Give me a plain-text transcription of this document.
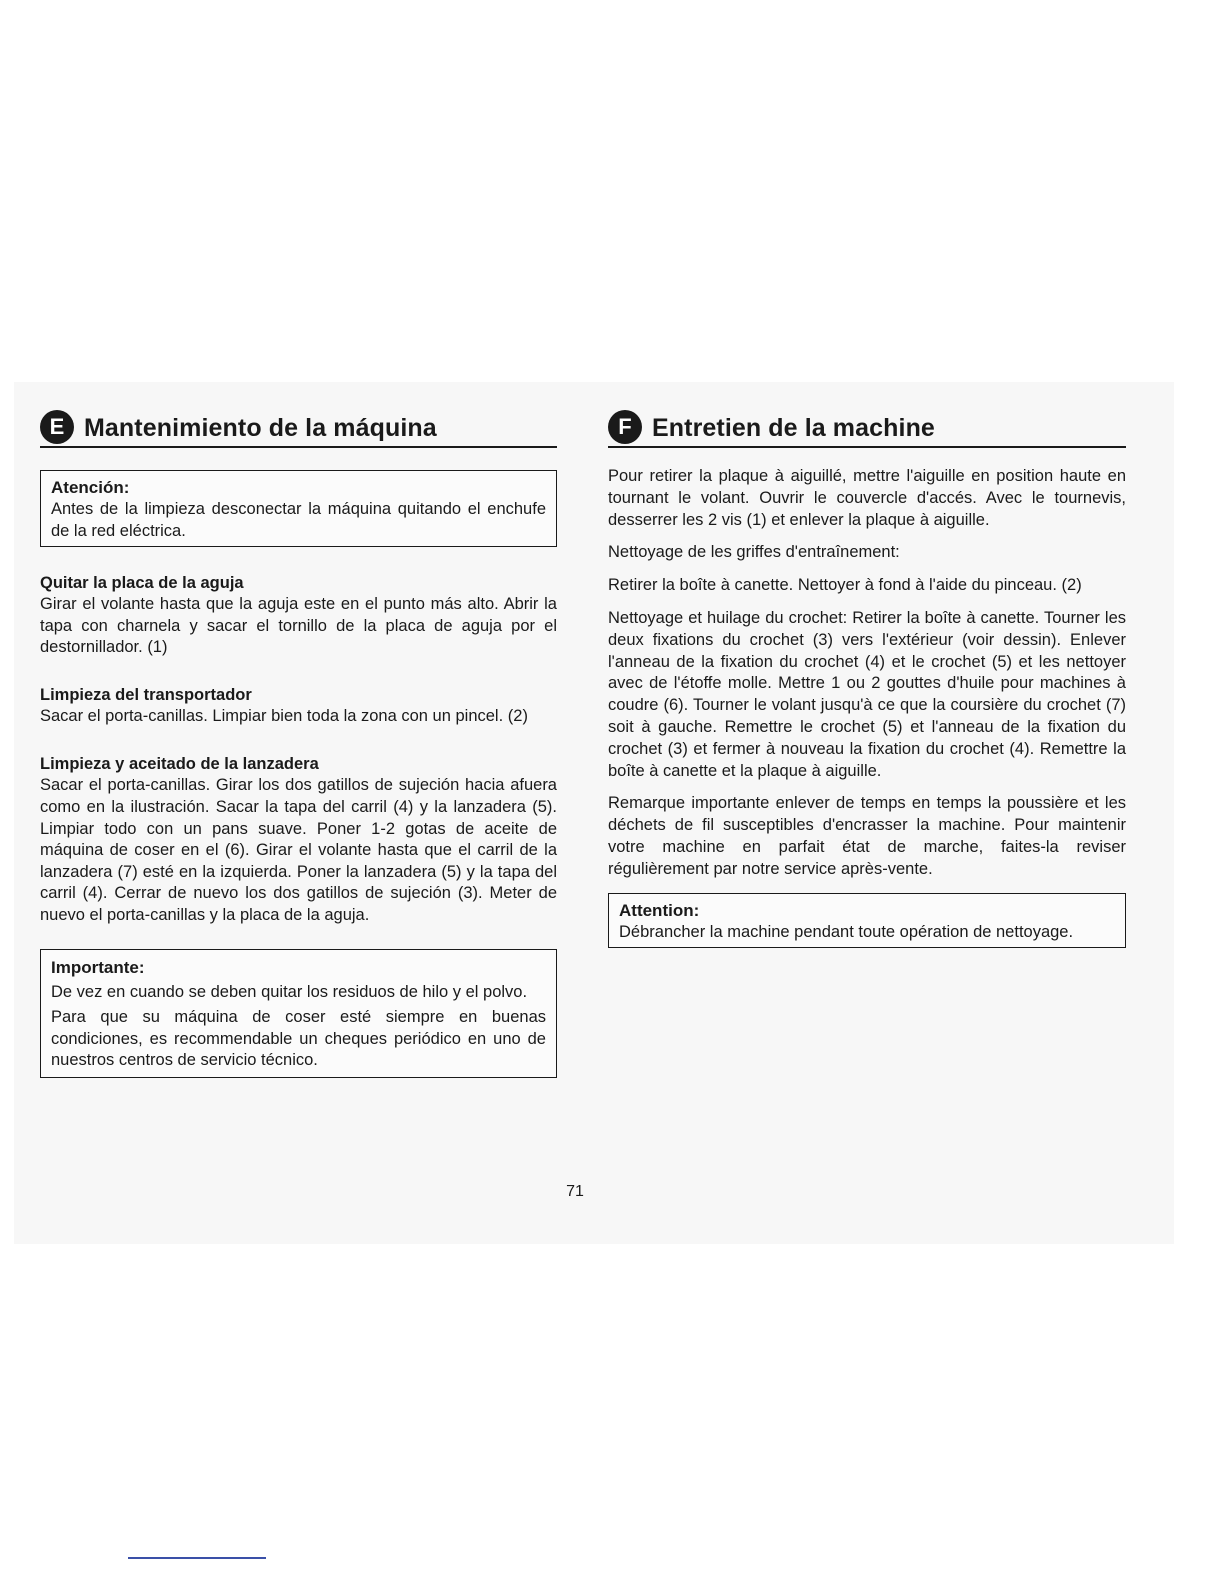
E Mantenimiento de la máquina
Atención:
Antes de la limpieza desconectar la máquina quitando el enchufe de la red eléctrica.
Quitar la placa de la aguja
Girar el volante hasta que la aguja este en el punto más alto. Abrir la tapa con charnela y sacar el tornillo de la placa de aguja por el destornillador. (1)
Limpieza del transportador
Sacar el porta-canillas. Limpiar bien toda la zona con un pincel. (2)
Limpieza y aceitado de la lanzadera
Sacar el porta-canillas. Girar los dos gatillos de sujeción hacia afuera como en la ilustración. Sacar la tapa del carril (4) y la lanzadera (5). Limpiar todo con un pans suave. Poner 1-2 gotas de aceite de máquina de coser en el (6). Girar el volante hasta que el carril de la lanzadera (7) esté en la izquierda. Poner la lanzadera (5) y la tapa del carril (4). Cerrar de nuevo los dos gatillos de sujeción (3). Meter de nuevo el porta-canillas y la placa de la aguja.
Importante:
De vez en cuando se deben quitar los residuos de hilo y el polvo.
Para que su máquina de coser esté siempre en buenas condiciones, es recommendable un cheques periódico en uno de nuestros centros de servicio técnico.
F Entretien de la machine

Pour retirer la plaque à aiguillé, mettre l'aiguille en position haute en tournant le volant. Ouvrir le couvercle d'accés. Avec le tournevis, desserrer les 2 vis (1) et enlever la plaque à aiguille.

Nettoyage de les griffes d'entraînement:

Retirer la boîte à canette. Nettoyer à fond à l'aide du pinceau. (2)

Nettoyage et huilage du crochet: Retirer la boîte à canette. Tourner les deux fixations du crochet (3) vers l'extérieur (voir dessin). Enlever l'anneau de la fixation du crochet (4) et le crochet (5) et les nettoyer avec de l'étoffe molle. Mettre 1 ou 2 gouttes d'huile pour machines à coudre (6). Tourner le volant jusqu'à ce que la coursière du crochet (7) soit à gauche. Remettre le crochet (5) et l'anneau de la fixation du crochet (3) et fermer à nouveau la fixation du crochet (4). Remettre la boîte à canette et la plaque à aiguille.

Remarque importante enlever de temps en temps la poussière et les déchets de fil susceptibles d'encrasser la machine. Pour maintenir votre machine en parfait état de marche, faites-la reviser régulièrement par notre service après-vente.

Attention:
Débrancher la machine pendant toute opération de nettoyage.
71
